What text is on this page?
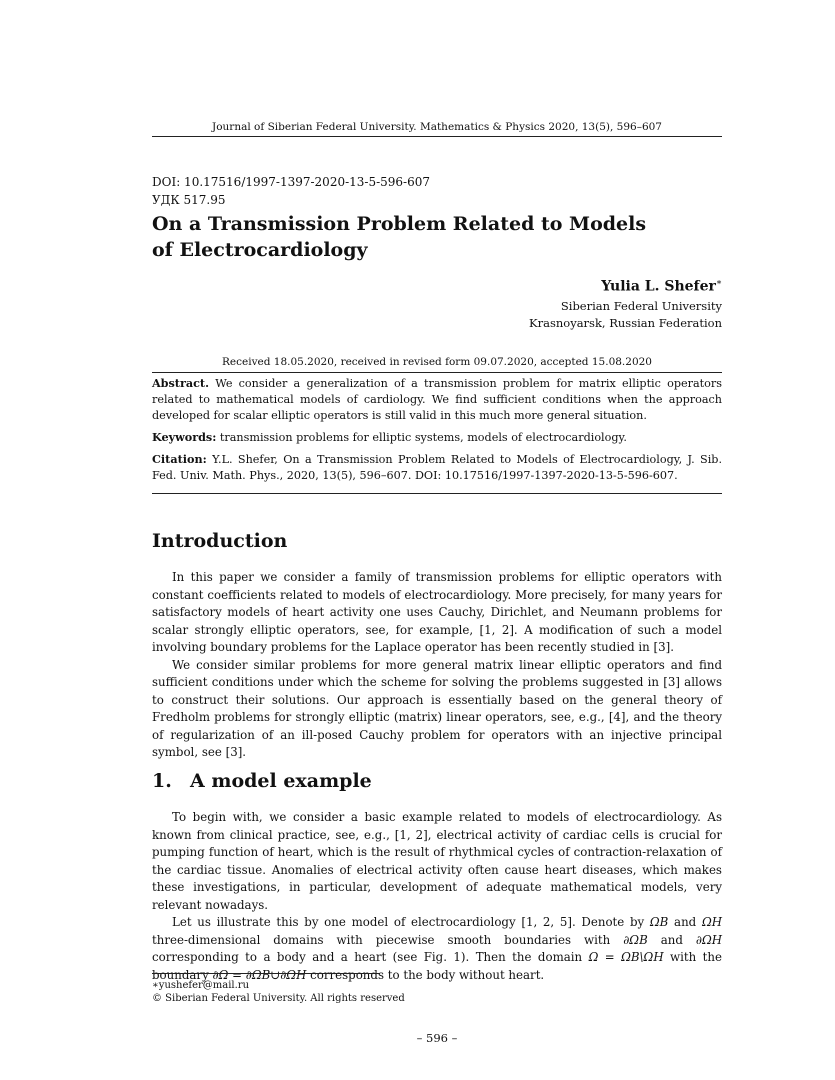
Journal of Siberian Federal University. Mathematics & Physics 2020, 13(5), 596–607
DOI: 10.17516/1997-1397-2020-13-5-596-607
УДК 517.95
On a Transmission Problem Related to Models
of Electrocardiology
Yulia L. Shefer∗
Siberian Federal University
Krasnoyarsk, Russian Federation
Received 18.05.2020, received in revised form 09.07.2020, accepted 15.08.2020

Abstract. We consider a generalization of a transmission problem for matrix elliptic operators related to mathematical models of cardiology. We find sufficient conditions when the approach developed for scalar elliptic operators is still valid in this much more general situation.

Keywords: transmission problems for elliptic systems, models of electrocardiology.

Citation: Y.L. Shefer, On a Transmission Problem Related to Models of Electrocardiology, J. Sib. Fed. Univ. Math. Phys., 2020, 13(5), 596–607. DOI: 10.17516/1997-1397-2020-13-5-596-607.

Introduction

In this paper we consider a family of transmission problems for elliptic operators with constant coefficients related to models of electrocardiology. More precisely, for many years for satisfactory models of heart activity one uses Cauchy, Dirichlet, and Neumann problems for scalar strongly elliptic operators, see, for example, [1, 2]. A modification of such a model involving boundary problems for the Laplace operator has been recently studied in [3].

We consider similar problems for more general matrix linear elliptic operators and find sufficient conditions under which the scheme for solving the problems suggested in [3] allows to construct their solutions. Our approach is essentially based on the general theory of Fredholm problems for strongly elliptic (matrix) linear operators, see, e.g., [4], and the theory of regularization of an ill-posed Cauchy problem for operators with an injective principal symbol, see [3].

1. A model example

To begin with, we consider a basic example related to models of electrocardiology. As known from clinical practice, see, e.g., [1, 2], electrical activity of cardiac cells is crucial for pumping function of heart, which is the result of rhythmical cycles of contraction-relaxation of the cardiac tissue. Anomalies of electrical activity often cause heart diseases, which makes these investigations, in particular, development of adequate mathematical models, very relevant nowadays.

Let us illustrate this by one model of electrocardiology [1, 2, 5]. Denote by ΩB and ΩH three-dimensional domains with piecewise smooth boundaries with ∂ΩB and ∂ΩH corresponding to a body and a heart (see Fig. 1). Then the domain Ω = ΩB\ΩH with the boundary ∂Ω = ∂ΩB∪∂ΩH corresponds to the body without heart.

∗yushefer@mail.ru
© Siberian Federal University. All rights reserved
– 596 –
